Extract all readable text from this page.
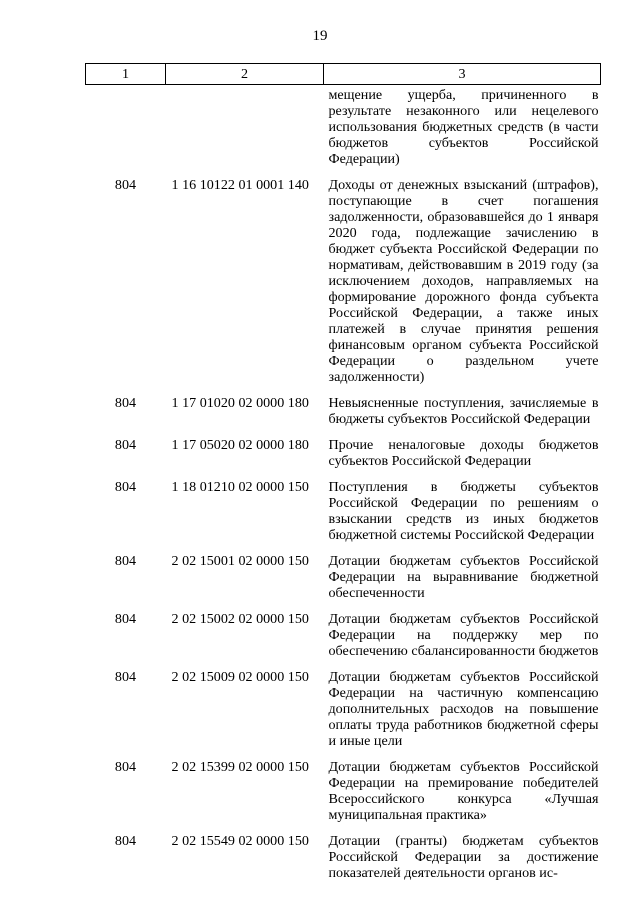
19
1	2	3
		мещение ущерба, причиненного в результате незаконного или нецелевого использования бюджетных средств (в части бюджетов субъектов Российской Федерации)
804	1 16 10122 01 0001 140	Доходы от денежных взысканий (штрафов), поступающие в счет погашения задолженности, образовавшейся до 1 января 2020 года, подлежащие зачислению в бюджет субъекта Российской Федерации по нормативам, действовавшим в 2019 году (за исключением доходов, направляемых на формирование дорожного фонда субъекта Российской Федерации, а также иных платежей в случае принятия решения финансовым органом субъекта Российской Федерации о раздельном учете задолженности)
804	1 17 01020 02 0000 180	Невыясненные поступления, зачисляемые в бюджеты субъектов Российской Федерации
804	1 17 05020 02 0000 180	Прочие неналоговые доходы бюджетов субъектов Российской Федерации
804	1 18 01210 02 0000 150	Поступления в бюджеты субъектов Российской Федерации по решениям о взыскании средств из иных бюджетов бюджетной системы Российской Федерации
804	2 02 15001 02 0000 150	Дотации бюджетам субъектов Российской Федерации на выравнивание бюджетной обеспеченности
804	2 02 15002 02 0000 150	Дотации бюджетам субъектов Российской Федерации на поддержку мер по обеспечению сбалансированности бюджетов
804	2 02 15009 02 0000 150	Дотации бюджетам субъектов Российской Федерации на частичную компенсацию дополнительных расходов на повышение оплаты труда работников бюджетной сферы и иные цели
804	2 02 15399 02 0000 150	Дотации бюджетам субъектов Российской Федерации на премирование победителей Всероссийского конкурса «Лучшая муниципальная практика»
804	2 02 15549 02 0000 150	Дотации (гранты) бюджетам субъектов Российской Федерации за достижение показателей деятельности органов ис-
